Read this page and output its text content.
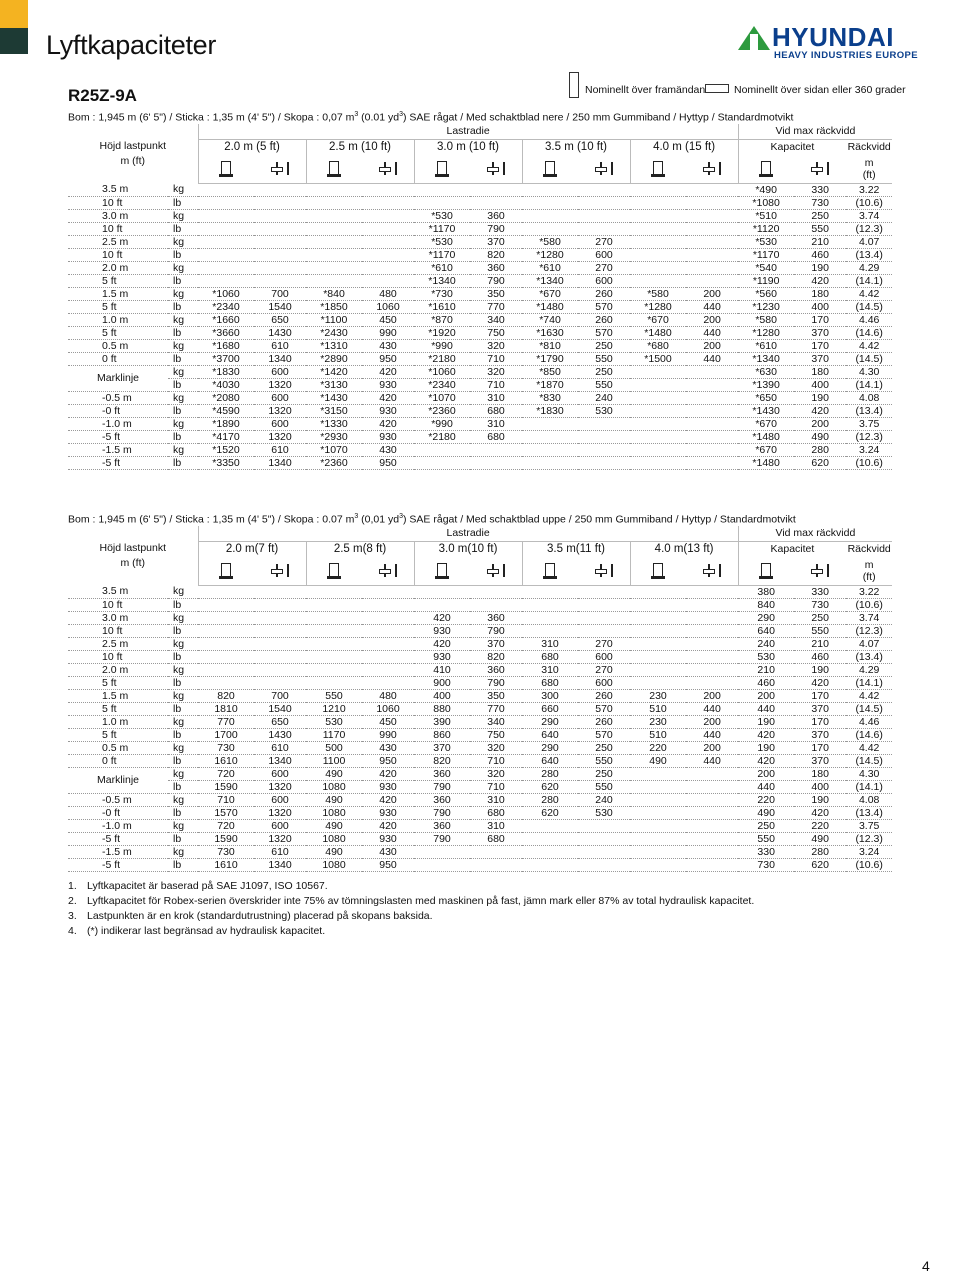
Lyftkapaciteter	HYUNDAI
HEAVY INDUSTRIES EUROPE
R25Z-9A	Nominellt över framändan	Nominellt över sidan eller 360 grader
Bom : 1,945 m (6' 5") / Sticka : 1,35 m (4' 5") / Skopa : 0,07 $m^3$ (0.01 $yd^3$) SAE rågat / Med schaktblad nere / 250 mm Gummiband / Hyttyp / Standardmotvikt
Höjd lastpunkt
m (ft)		Lastradie										Vid max räckvidd		
		2.0 m (5 ft)		2.5 m (10 ft)		3.0 m (10 ft)		3.5 m (10 ft)		4.0 m (15 ft)		Kapacitet		Räckvidd

														m
(ft)

3.5 m	kg											*490	330	3.22
10 ft	lb											*1080	730	(10.6)
3.0 m	kg					*530	360					*510	250	3.74
10 ft	lb					*1170	790					*1120	550	(12.3)
2.5 m	kg					*530	370	*580	270			*530	210	4.07
10 ft	lb					*1170	820	*1280	600			*1170	460	(13.4)
2.0 m	kg					*610	360	*610	270			*540	190	4.29
5 ft	lb					*1340	790	*1340	600			*1190	420	(14.1)
1.5 m	kg	*1060	700	*840	480	*730	350	*670	260	*580	200	*560	180	4.42
5 ft	lb	*2340	1540	*1850	1060	*1610	770	*1480	570	*1280	440	*1230	400	(14.5)
1.0 m	kg	*1660	650	*1100	450	*870	340	*740	260	*670	200	*580	170	4.46
5 ft	lb	*3660	1430	*2430	990	*1920	750	*1630	570	*1480	440	*1280	370	(14.6)
0.5 m	kg	*1680	610	*1310	430	*990	320	*810	250	*680	200	*610	170	4.42
0 ft	lb	*3700	1340	*2890	950	*2180	710	*1790	550	*1500	440	*1340	370	(14.5)
Marklinje	kg	*1830	600	*1420	420	*1060	320	*850	250			*630	180	4.30
	lb	*4030	1320	*3130	930	*2340	710	*1870	550			*1390	400	(14.1)
-0.5 m	kg	*2080	600	*1430	420	*1070	310	*830	240			*650	190	4.08
-0 ft	lb	*4590	1320	*3150	930	*2360	680	*1830	530			*1430	420	(13.4)
-1.0 m	kg	*1890	600	*1330	420	*990	310					*670	200	3.75
-5 ft	lb	*4170	1320	*2930	930	*2180	680					*1480	490	(12.3)
-1.5 m	kg	*1520	610	*1070	430							*670	280	3.24
-5 ft	lb	*3350	1340	*2360	950							*1480	620	(10.6)
Bom : 1,945 m (6' 5") / Sticka : 1,35 m (4' 5") / Skopa : 0.07 $m^3$ (0,01 $yd^3$) SAE rågat / Med schaktblad uppe / 250 mm Gummiband / Hyttyp / Standardmotvikt
Höjd lastpunkt
m (ft)		Lastradie										Vid max räckvidd		
		2.0 m(7 ft)		2.5 m(8 ft)		3.0 m(10 ft)		3.5 m(11 ft)		4.0 m(13 ft)		Kapacitet		Räckvidd

														m
(ft)

3.5 m	kg											380	330	3.22
10 ft	lb											840	730	(10.6)
3.0 m	kg					420	360					290	250	3.74
10 ft	lb					930	790					640	550	(12.3)
2.5 m	kg					420	370	310	270			240	210	4.07
10 ft	lb					930	820	680	600			530	460	(13.4)
2.0 m	kg					410	360	310	270			210	190	4.29
5 ft	lb					900	790	680	600			460	420	(14.1)
1.5 m	kg	820	700	550	480	400	350	300	260	230	200	200	170	4.42
5 ft	lb	1810	1540	1210	1060	880	770	660	570	510	440	440	370	(14.5)
1.0 m	kg	770	650	530	450	390	340	290	260	230	200	190	170	4.46
5 ft	lb	1700	1430	1170	990	860	750	640	570	510	440	420	370	(14.6)
0.5 m	kg	730	610	500	430	370	320	290	250	220	200	190	170	4.42
0 ft	lb	1610	1340	1100	950	820	710	640	550	490	440	420	370	(14.5)
Marklinje	kg	720	600	490	420	360	320	280	250			200	180	4.30
	lb	1590	1320	1080	930	790	710	620	550			440	400	(14.1)
-0.5 m	kg	710	600	490	420	360	310	280	240			220	190	4.08
-0 ft	lb	1570	1320	1080	930	790	680	620	530			490	420	(13.4)
-1.0 m	kg	720	600	490	420	360	310					250	220	3.75
-5 ft	lb	1590	1320	1080	930	790	680					550	490	(12.3)
-1.5 m	kg	730	610	490	430							330	280	3.24
-5 ft	lb	1610	1340	1080	950							730	620	(10.6)
1. Lyftkapacitet är baserad på SAE J1097, ISO 10567.
2. Lyftkapacitet för Robex-serien överskrider inte 75% av tömningslasten med maskinen på fast, jämn mark eller 87% av total hydraulisk kapacitet.
3. Lastpunkten är en krok (standardutrustning) placerad på skopans baksida.
4. (*) indikerar last begränsad av hydraulisk kapacitet.
4
